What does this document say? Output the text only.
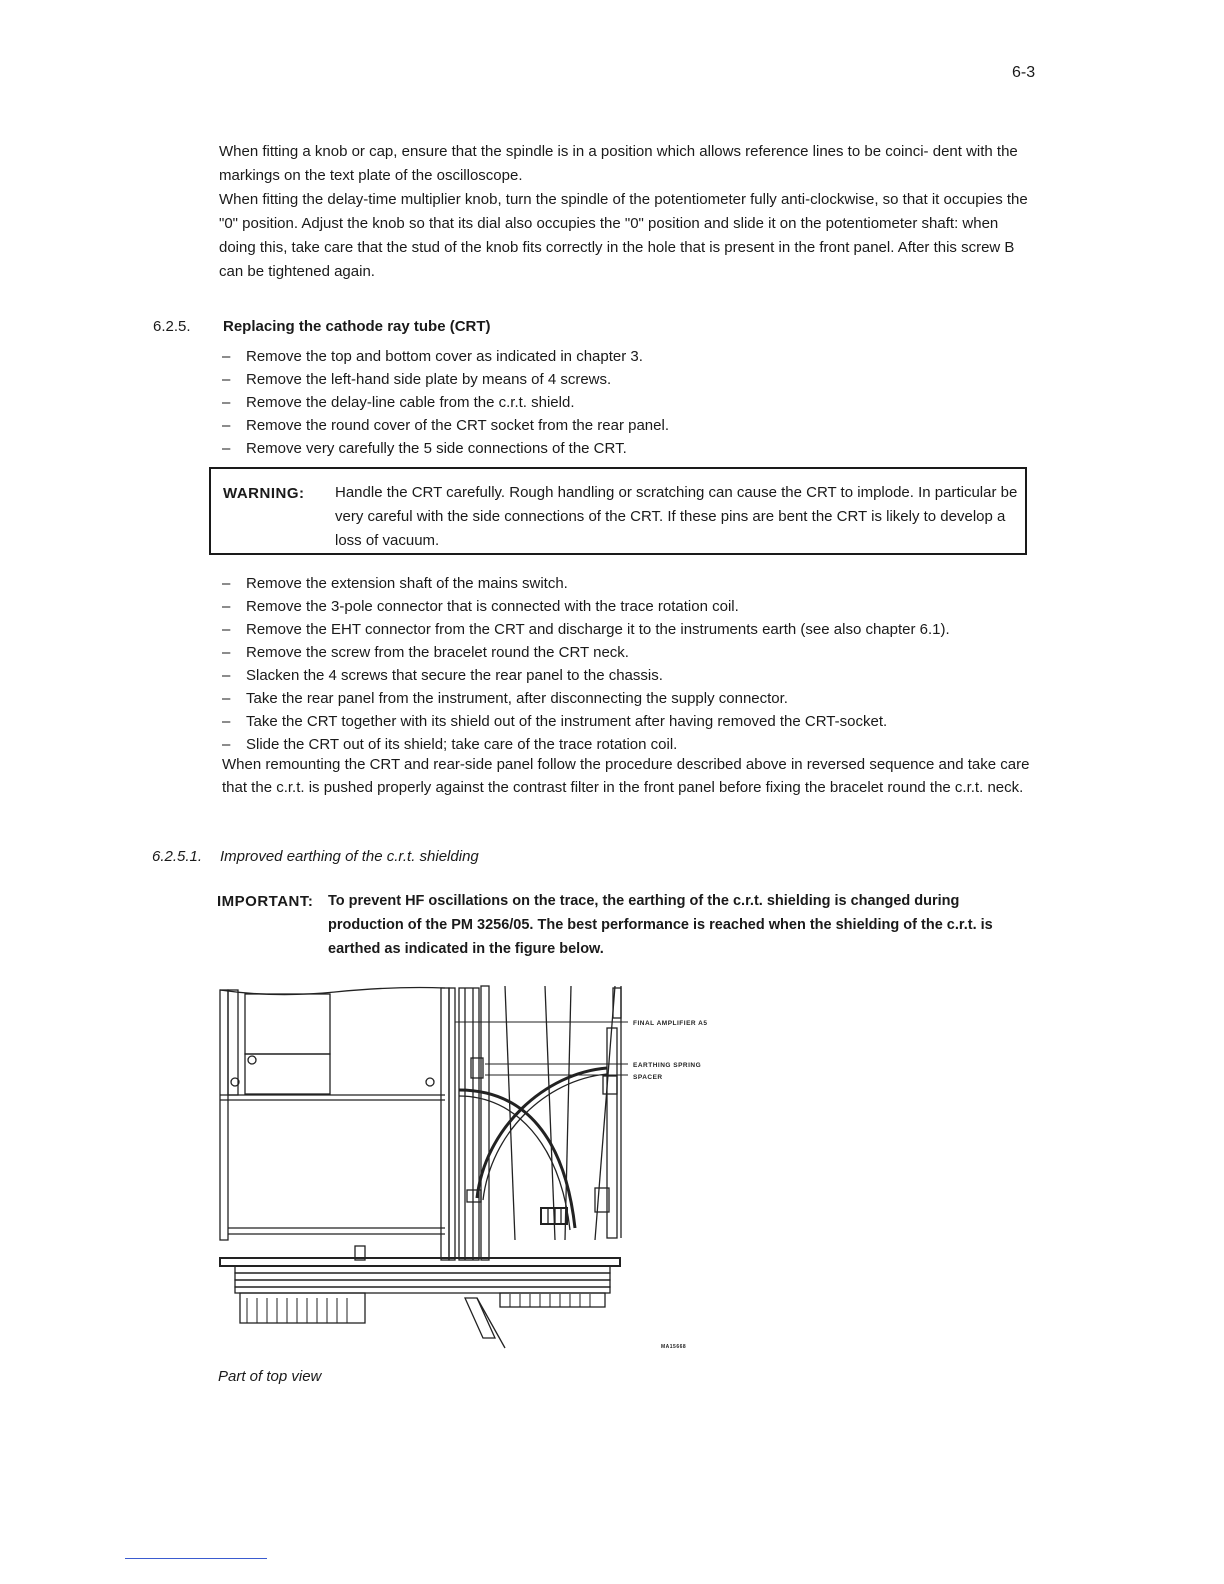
6-3

When fitting a knob or cap, ensure that the spindle is in a position which allows reference lines to be coinci- dent with the markings on the text plate of the oscilloscope.

When fitting the delay-time multiplier knob, turn the spindle of the potentiometer fully anti-clockwise, so that it occupies the "0" position. Adjust the knob so that its dial also occupies the "0" position and slide it on the potentiometer shaft: when doing this, take care that the stud of the knob fits correctly in the hole that is present in the front panel. After this screw B can be tightened again.

6.2.5. Replacing the cathode ray tube (CRT)
– Remove the top and bottom cover as indicated in chapter 3.
– Remove the left-hand side plate by means of 4 screws.
– Remove the delay-line cable from the c.r.t. shield.
– Remove the round cover of the CRT socket from the rear panel.
– Remove very carefully the 5 side connections of the CRT.
WARNING: Handle the CRT carefully. Rough handling or scratching can cause the CRT to implode. In particular be very careful with the side connections of the CRT. If these pins are bent the CRT is likely to develop a loss of vacuum.

– Remove the extension shaft of the mains switch.
– Remove the 3-pole connector that is connected with the trace rotation coil.
– Remove the EHT connector from the CRT and discharge it to the instruments earth (see also chapter 6.1).
– Remove the screw from the bracelet round the CRT neck.
– Slacken the 4 screws that secure the rear panel to the chassis.
– Take the rear panel from the instrument, after disconnecting the supply connector.
– Take the CRT together with its shield out of the instrument after having removed the CRT-socket.
– Slide the CRT out of its shield; take care of the trace rotation coil.

When remounting the CRT and rear-side panel follow the procedure described above in reversed sequence and take care that the c.r.t. is pushed properly against the contrast filter in the front panel before fixing the bracelet round the c.r.t. neck.

6.2.5.1. Improved earthing of the c.r.t. shielding
IMPORTANT: To prevent HF oscillations on the trace, the earthing of the c.r.t. shielding is changed during production of the PM 3256/05. The best performance is reached when the shielding of the c.r.t. is earthed as indicated in the figure below.

FINAL AMPLIFIER A5
EARTHING SPRING
SPACER
MA15668
Part of top view
